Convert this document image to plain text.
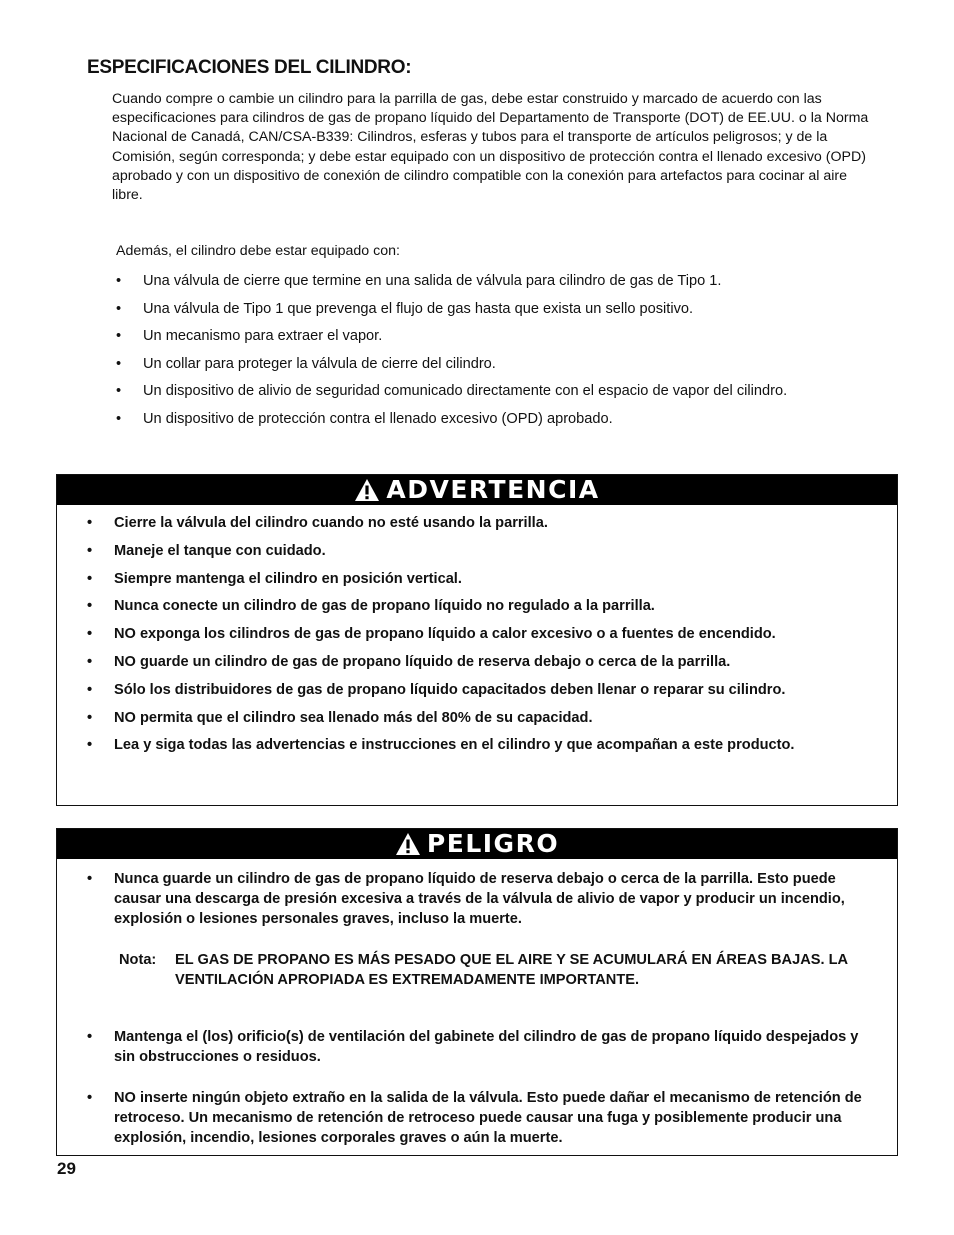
ESPECIFICACIONES DEL CILINDRO:

Cuando compre o cambie un cilindro para la parrilla de gas, debe estar construido y marcado de acuerdo con las especificaciones para cilindros de gas de propano líquido del Departamento de Transporte (DOT) de EE.UU. o la Norma Nacional de Canadá, CAN/CSA-B339: Cilindros, esferas y tubos para el transporte de artículos peligrosos; y de la Comisión, según corresponda; y debe estar equipado con un dispositivo de protección contra el llenado excesivo (OPD) aprobado y con un dispositivo de conexión de cilindro compatible con la conexión para artefactos para cocinar al aire libre.

Además, el cilindro debe estar equipado con:

• Una válvula de cierre que termine en una salida de válvula para cilindro de gas de Tipo 1.
• Una válvula de Tipo 1 que prevenga el flujo de gas hasta que exista un sello positivo.
• Un mecanismo para extraer el vapor.
• Un collar para proteger la válvula de cierre del cilindro.
• Un dispositivo de alivio de seguridad comunicado directamente con el espacio de vapor del cilindro.
• Un dispositivo de protección contra el llenado excesivo (OPD) aprobado.
ADVERTENCIA
• Cierre la válvula del cilindro cuando no esté usando la parrilla.
• Maneje el tanque con cuidado.
• Siempre mantenga el cilindro en posición vertical.
• Nunca conecte un cilindro de gas de propano líquido no regulado a la parrilla.
• NO exponga los cilindros de gas de propano líquido a calor excesivo o a fuentes de encendido.
• NO guarde un cilindro de gas de propano líquido de reserva debajo o cerca de la parrilla.
• Sólo los distribuidores de gas de propano líquido capacitados deben llenar o reparar su cilindro.
• NO permita que el cilindro sea llenado más del 80% de su capacidad.
• Lea y siga todas las advertencias e instrucciones en el cilindro y que acompañan a este producto.
PELIGRO
• Nunca guarde un cilindro de gas de propano líquido de reserva debajo o cerca de la parrilla. Esto puede causar una descarga de presión excesiva a través de la válvula de alivio de vapor y producir un incendio, explosión o lesiones personales graves, incluso la muerte.
Nota: EL GAS DE PROPANO ES MÁS PESADO QUE EL AIRE Y SE ACUMULARÁ EN ÁREAS BAJAS. LA VENTILACIÓN APROPIADA ES EXTREMADAMENTE IMPORTANTE.
• Mantenga el (los) orificio(s) de ventilación del gabinete del cilindro de gas de propano líquido despejados y sin obstrucciones o residuos.
• NO inserte ningún objeto extraño en la salida de la válvula. Esto puede dañar el mecanismo de retención de retroceso. Un mecanismo de retención de retroceso puede causar una fuga y posiblemente producir una explosión, incendio, lesiones corporales graves o aún la muerte.

29
